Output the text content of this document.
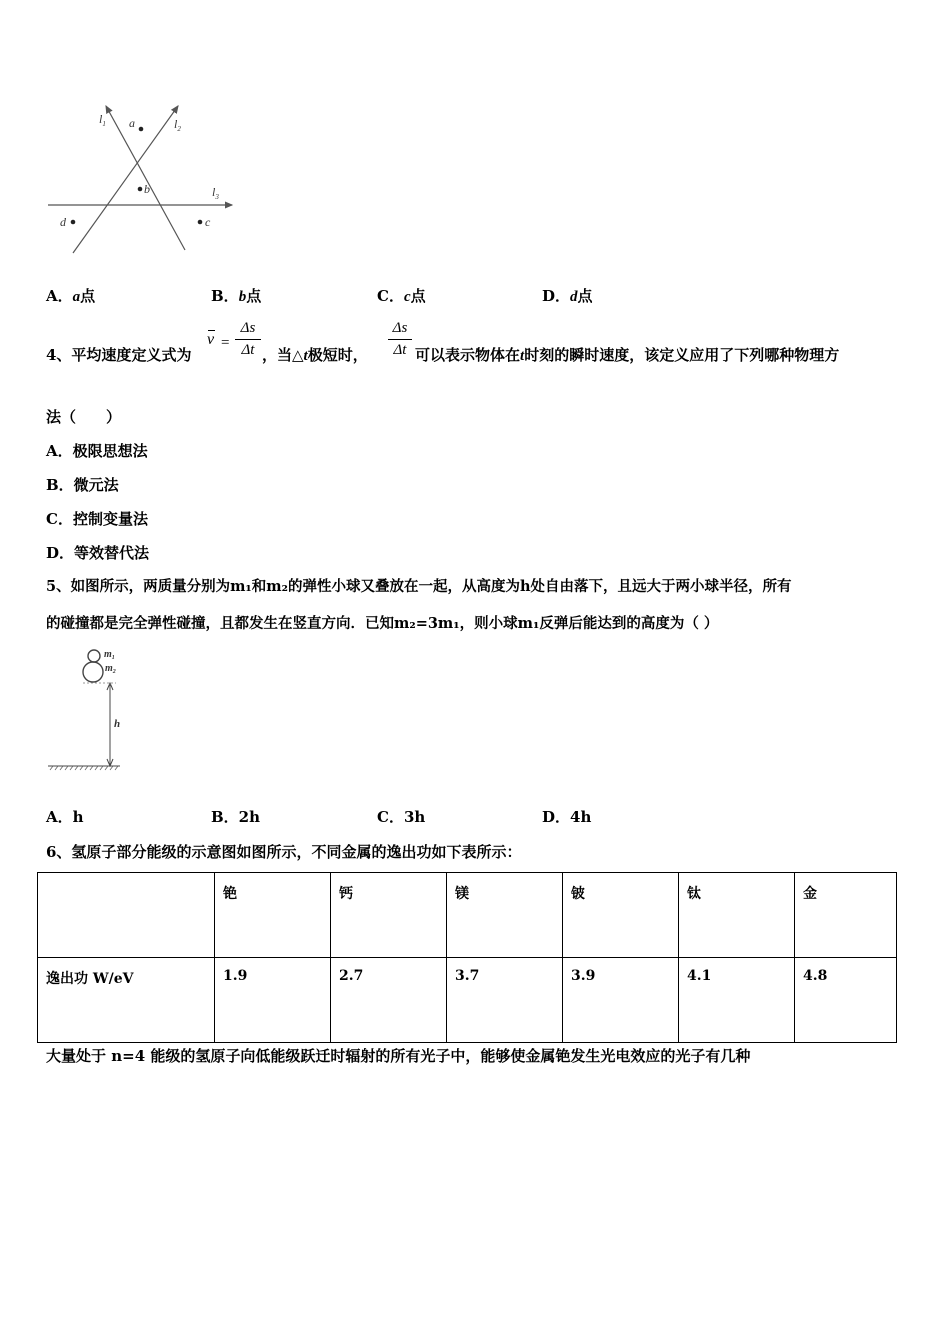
$l_1$	$l_2$
$l_3$
a
b
d	c
A．a点	B．b点	C．c点	D．d点
4、平均速度定义式为
v =
Δs
Δt ，当△t极短时，
Δs
Δt 可以表示物体在t时刻的瞬时速度，该定义应用了下列哪种物理方
法（　　）
A．极限思想法
B．微元法
C．控制变量法
D．等效替代法
5、如图所示，两质量分别为m₁和m₂的弹性小球又叠放在一起，从高度为h处自由落下，且远大于两小球半径，所有
的碰撞都是完全弹性碰撞，且都发生在竖直方向．已知m₂=3m₁，则小球m₁反弹后能达到的高度为（ ）
$m_1$
$m_2$
h
A．h	B．2h	C．3h	D．4h
6、氢原子部分能级的示意图如图所示，不同金属的逸出功如下表所示：
	铯	钙	镁	铍	钛	金
逸出功 W/eV	1.9	2.7	3.7	3.9	4.1	4.8
大量处于 n=4 能级的氢原子向低能级跃迁时辐射的所有光子中，能够使金属铯发生光电效应的光子有几种
